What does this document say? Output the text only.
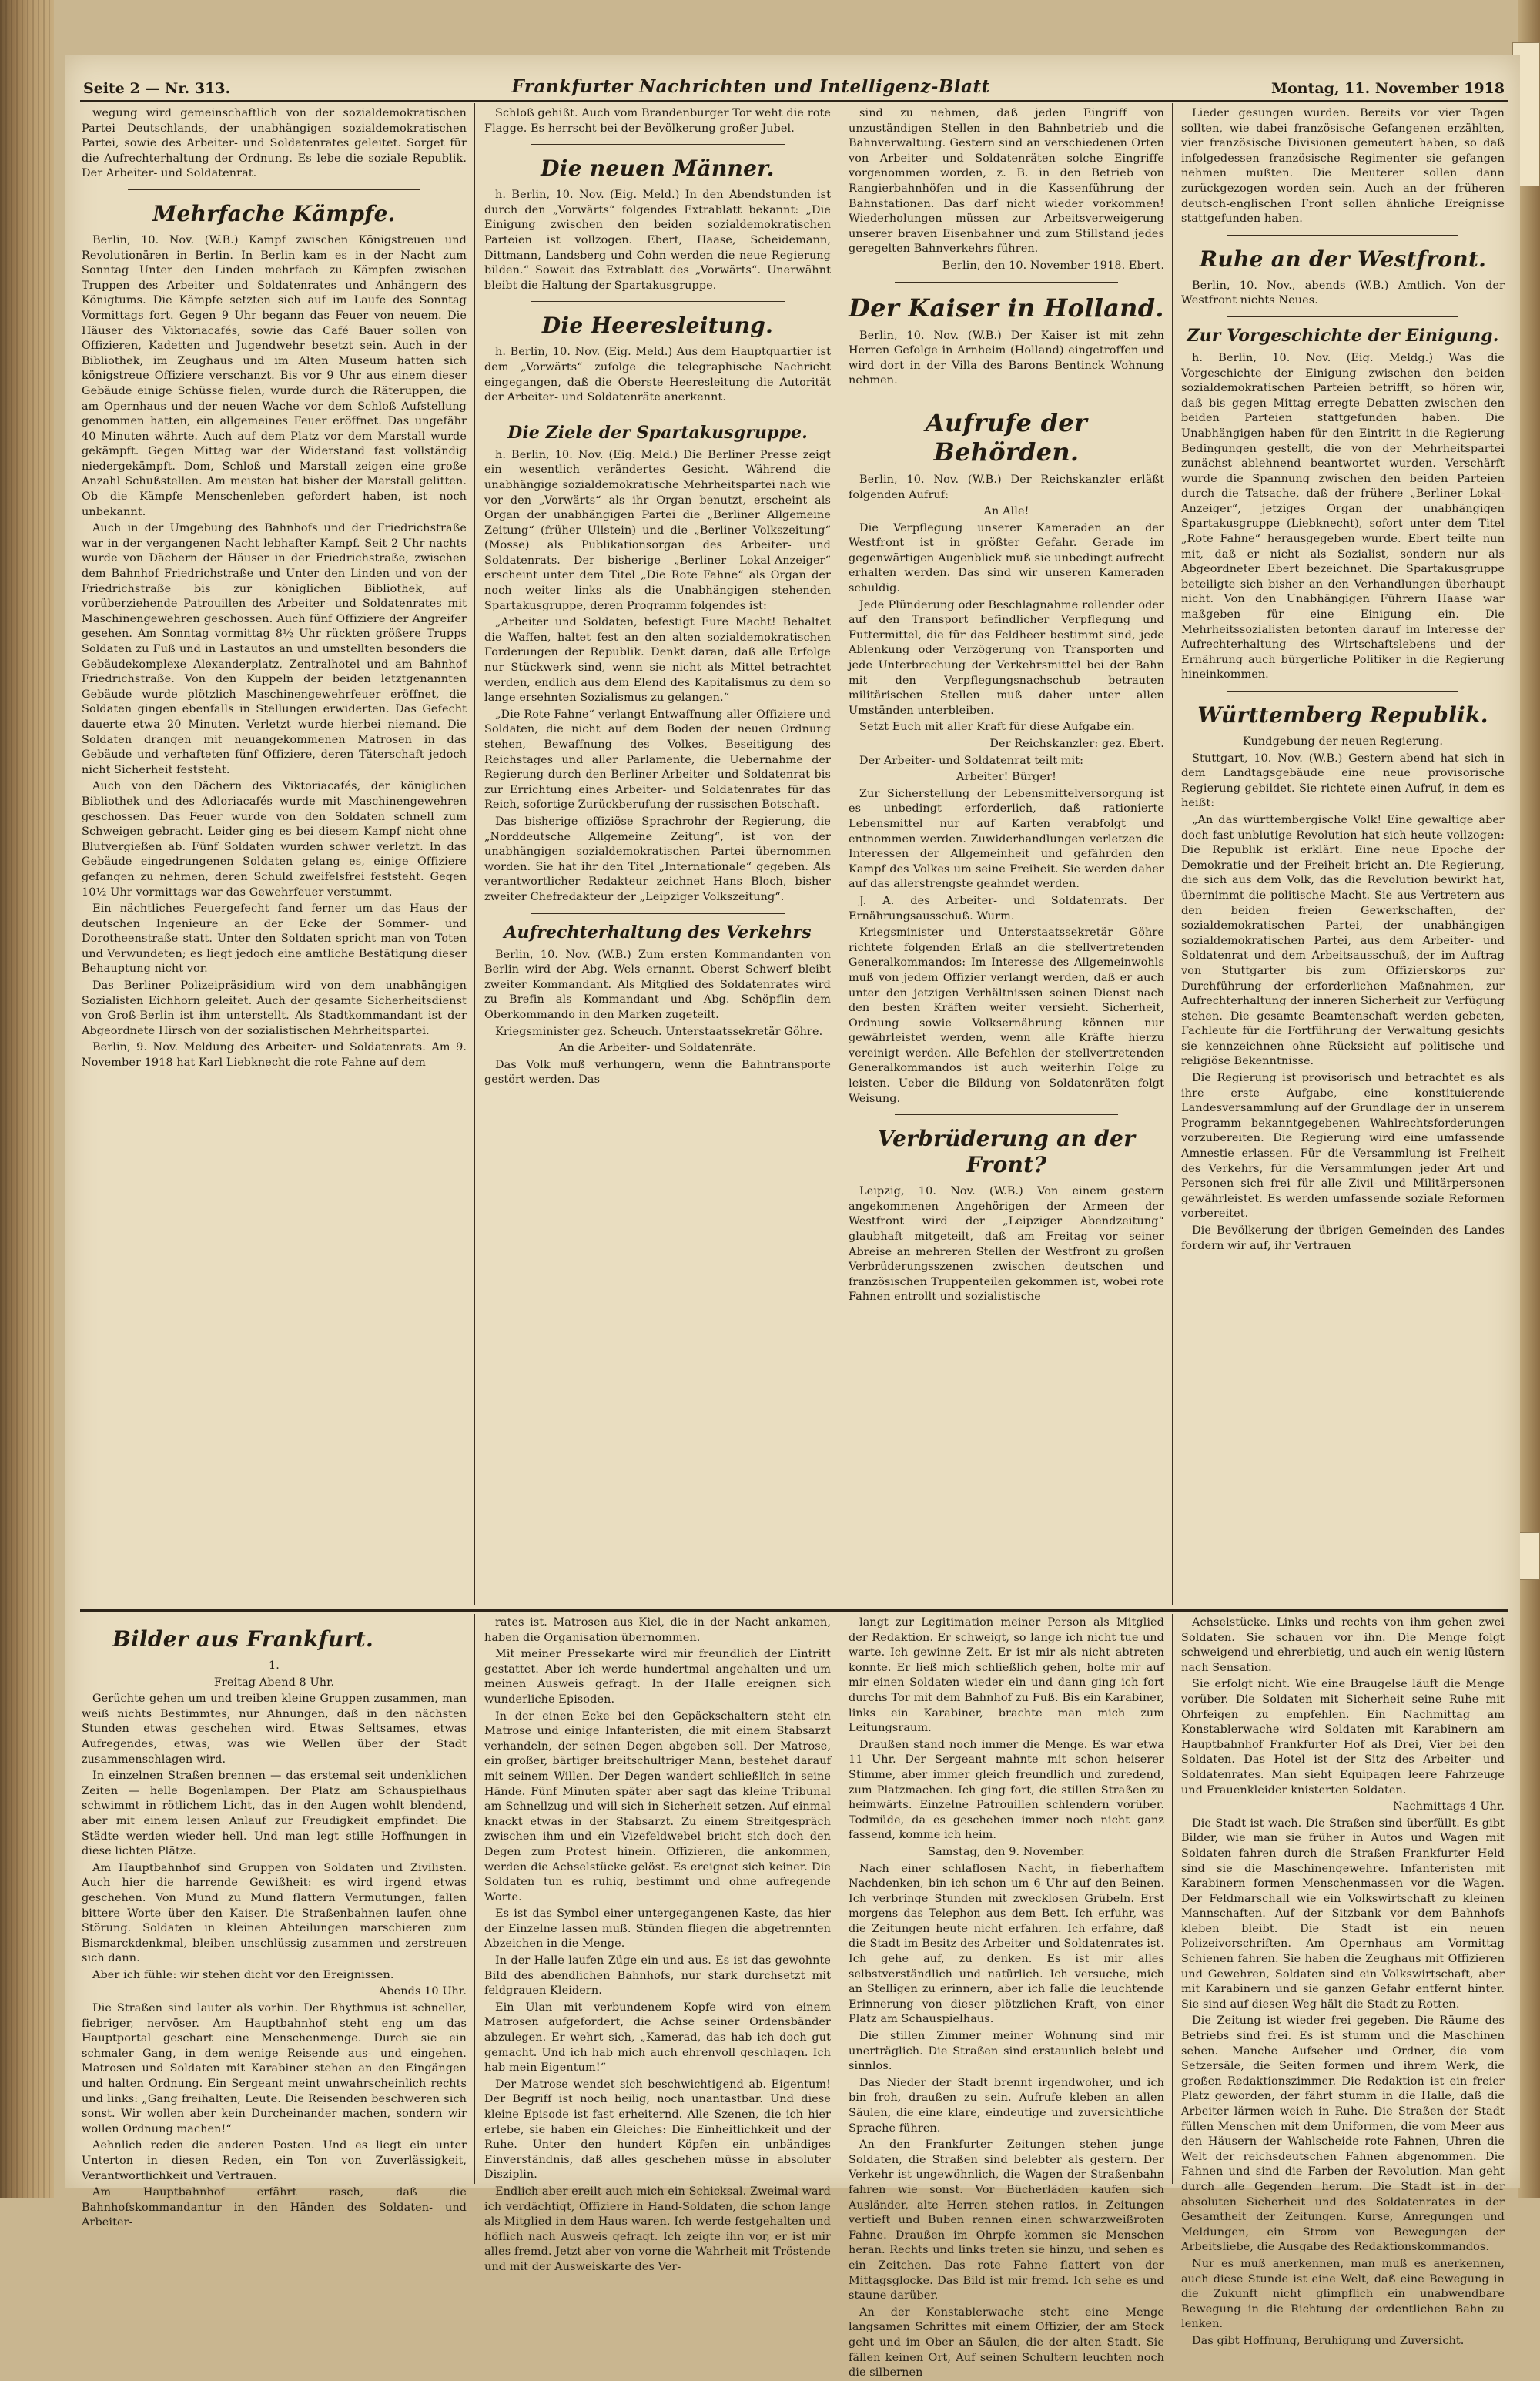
Seite 2 — Nr. 313.	Frankfurter Nachrichten und Intelligenz-Blatt	Montag, 11. November 1918

wegung wird gemeinschaftlich von der sozialdemokratischen Partei Deutschlands, der unabhängigen sozialdemokratischen Partei, sowie des Arbeiter- und Soldatenrates geleitet. Sorget für die Aufrechterhaltung der Ordnung. Es lebe die soziale Republik. Der Arbeiter- und Soldatenrat.

Mehrfache Kämpfe.

Berlin, 10. Nov. (W.B.) Kampf zwischen Königstreuen und Revolutionären in Berlin. In Berlin kam es in der Nacht zum Sonntag Unter den Linden mehrfach zu Kämpfen zwischen Truppen des Arbeiter- und Soldatenrates und Anhängern des Königtums. Die Kämpfe setzten sich auf im Laufe des Sonntag Vormittags fort. Gegen 9 Uhr begann das Feuer von neuem. Die Häuser des Viktoriacafés, sowie das Café Bauer sollen von Offizieren, Kadetten und Jugendwehr besetzt sein. Auch in der Bibliothek, im Zeughaus und im Alten Museum hatten sich königstreue Offiziere verschanzt. Bis vor 9 Uhr aus einem dieser Gebäude einige Schüsse fielen, wurde durch die Räteruppen, die am Opernhaus und der neuen Wache vor dem Schloß Aufstellung genommen hatten, ein allgemeines Feuer eröffnet. Das ungefähr 40 Minuten währte. Auch auf dem Platz vor dem Marstall wurde gekämpft. Gegen Mittag war der Widerstand fast vollständig niedergekämpft. Dom, Schloß und Marstall zeigen eine große Anzahl Schußstellen. Am meisten hat bisher der Marstall gelitten. Ob die Kämpfe Menschenleben gefordert haben, ist noch unbekannt.

Auch in der Umgebung des Bahnhofs und der Friedrichstraße war in der vergangenen Nacht lebhafter Kampf. Seit 2 Uhr nachts wurde von Dächern der Häuser in der Friedrichstraße, zwischen dem Bahnhof Friedrichstraße und Unter den Linden und von der Friedrichstraße bis zur königlichen Bibliothek, auf vorüberziehende Patrouillen des Arbeiter- und Soldatenrates mit Maschinengewehren geschossen. Auch fünf Offiziere der Angreifer gesehen. Am Sonntag vormittag 8½ Uhr rückten größere Trupps Soldaten zu Fuß und in Lastautos an und umstellten besonders die Gebäudekomplexe Alexanderplatz, Zentralhotel und am Bahnhof Friedrichstraße. Von den Kuppeln der beiden letztgenannten Gebäude wurde plötzlich Maschinengewehrfeuer eröffnet, die Soldaten gingen ebenfalls in Stellungen erwiderten. Das Gefecht dauerte etwa 20 Minuten. Verletzt wurde hierbei niemand. Die Soldaten drangen mit neuangekommenen Matrosen in das Gebäude und verhafteten fünf Offiziere, deren Täterschaft jedoch nicht Sicherheit feststeht.

Auch von den Dächern des Viktoriacafés, der königlichen Bibliothek und des Adloriacafés wurde mit Maschinengewehren geschossen. Das Feuer wurde von den Soldaten schnell zum Schweigen gebracht. Leider ging es bei diesem Kampf nicht ohne Blutvergießen ab. Fünf Soldaten wurden schwer verletzt. In das Gebäude eingedrungenen Soldaten gelang es, einige Offiziere gefangen zu nehmen, deren Schuld zweifelsfrei feststeht. Gegen 10½ Uhr vormittags war das Gewehrfeuer verstummt.

Ein nächtliches Feuergefecht fand ferner um das Haus der deutschen Ingenieure an der Ecke der Sommer- und Dorotheenstraße statt. Unter den Soldaten spricht man von Toten und Verwundeten; es liegt jedoch eine amtliche Bestätigung dieser Behauptung nicht vor.

Das Berliner Polizeipräsidium wird von dem unabhängigen Sozialisten Eichhorn geleitet. Auch der gesamte Sicherheitsdienst von Groß-Berlin ist ihm unterstellt. Als Stadtkommandant ist der Abgeordnete Hirsch von der sozialistischen Mehrheitspartei.

Berlin, 9. Nov. Meldung des Arbeiter- und Soldatenrats. Am 9. November 1918 hat Karl Liebknecht die rote Fahne auf dem

Schloß gehißt. Auch vom Brandenburger Tor weht die rote Flagge. Es herrscht bei der Bevölkerung großer Jubel.

Die neuen Männer.

h. Berlin, 10. Nov. (Eig. Meld.) In den Abendstunden ist durch den „Vorwärts“ folgendes Extrablatt bekannt: „Die Einigung zwischen den beiden sozialdemokratischen Parteien ist vollzogen. Ebert, Haase, Scheidemann, Dittmann, Landsberg und Cohn werden die neue Regierung bilden.“ Soweit das Extrablatt des „Vorwärts“. Unerwähnt bleibt die Haltung der Spartakusgruppe.

Die Heeresleitung.

h. Berlin, 10. Nov. (Eig. Meld.) Aus dem Hauptquartier ist dem „Vorwärts“ zufolge die telegraphische Nachricht eingegangen, daß die Oberste Heeresleitung die Autorität der Arbeiter- und Soldatenräte anerkennt.

Die Ziele der Spartakusgruppe.

h. Berlin, 10. Nov. (Eig. Meld.) Die Berliner Presse zeigt ein wesentlich verändertes Gesicht. Während die unabhängige sozialdemokratische Mehrheitspartei nach wie vor den „Vorwärts“ als ihr Organ benutzt, erscheint als Organ der unabhängigen Partei die „Berliner Allgemeine Zeitung“ (früher Ullstein) und die „Berliner Volkszeitung“ (Mosse) als Publikationsorgan des Arbeiter- und Soldatenrats. Der bisherige „Berliner Lokal-Anzeiger“ erscheint unter dem Titel „Die Rote Fahne“ als Organ der noch weiter links als die Unabhängigen stehenden Spartakusgruppe, deren Programm folgendes ist:

„Arbeiter und Soldaten, befestigt Eure Macht! Behaltet die Waffen, haltet fest an den alten sozialdemokratischen Forderungen der Republik. Denkt daran, daß alle Erfolge nur Stückwerk sind, wenn sie nicht als Mittel betrachtet werden, endlich aus dem Elend des Kapitalismus zu dem so lange ersehnten Sozialismus zu gelangen.“

„Die Rote Fahne“ verlangt Entwaffnung aller Offiziere und Soldaten, die nicht auf dem Boden der neuen Ordnung stehen, Bewaffnung des Volkes, Beseitigung des Reichstages und aller Parlamente, die Uebernahme der Regierung durch den Berliner Arbeiter- und Soldatenrat bis zur Errichtung eines Arbeiter- und Soldatenrates für das Reich, sofortige Zurückberufung der russischen Botschaft.

Das bisherige offiziöse Sprachrohr der Regierung, die „Norddeutsche Allgemeine Zeitung“, ist von der unabhängigen sozialdemokratischen Partei übernommen worden. Sie hat ihr den Titel „Internationale“ gegeben. Als verantwortlicher Redakteur zeichnet Hans Bloch, bisher zweiter Chefredakteur der „Leipziger Volkszeitung“.

Aufrechterhaltung des Verkehrs

Berlin, 10. Nov. (W.B.) Zum ersten Kommandanten von Berlin wird der Abg. Wels ernannt. Oberst Schwerf bleibt zweiter Kommandant. Als Mitglied des Soldatenrates wird zu Brefin als Kommandant und Abg. Schöpflin dem Oberkommando in den Marken zugeteilt.

Kriegsminister gez. Scheuch. Unterstaatssekretär Göhre.

An die Arbeiter- und Soldatenräte.

Das Volk muß verhungern, wenn die Bahntransporte gestört werden. Das

sind zu nehmen, daß jeden Eingriff von unzuständigen Stellen in den Bahnbetrieb und die Bahnverwaltung. Gestern sind an verschiedenen Orten von Arbeiter- und Soldatenräten solche Eingriffe vorgenommen worden, z. B. in den Betrieb von Rangierbahnhöfen und in die Kassenführung der Bahnstationen. Das darf nicht wieder vorkommen! Wiederholungen müssen zur Arbeitsverweigerung unserer braven Eisenbahner und zum Stillstand jedes geregelten Bahnverkehrs führen.

Berlin, den 10. November 1918. Ebert.

Der Kaiser in Holland.

Berlin, 10. Nov. (W.B.) Der Kaiser ist mit zehn Herren Gefolge in Arnheim (Holland) eingetroffen und wird dort in der Villa des Barons Bentinck Wohnung nehmen.

Aufrufe der Behörden.

Berlin, 10. Nov. (W.B.) Der Reichskanzler erläßt folgenden Aufruf:

An Alle!

Die Verpflegung unserer Kameraden an der Westfront ist in größter Gefahr. Gerade im gegenwärtigen Augenblick muß sie unbedingt aufrecht erhalten werden. Das sind wir unseren Kameraden schuldig.

Jede Plünderung oder Beschlagnahme rollender oder auf den Transport befindlicher Verpflegung und Futtermittel, die für das Feldheer bestimmt sind, jede Ablenkung oder Verzögerung von Transporten und jede Unterbrechung der Verkehrsmittel bei der Bahn mit den Verpflegungsnachschub betrauten militärischen Stellen muß daher unter allen Umständen unterbleiben.

Setzt Euch mit aller Kraft für diese Aufgabe ein.

Der Reichskanzler: gez. Ebert.

Der Arbeiter- und Soldatenrat teilt mit:

Arbeiter! Bürger!

Zur Sicherstellung der Lebensmittelversorgung ist es unbedingt erforderlich, daß rationierte Lebensmittel nur auf Karten verabfolgt und entnommen werden. Zuwiderhandlungen verletzen die Interessen der Allgemeinheit und gefährden den Kampf des Volkes um seine Freiheit. Sie werden daher auf das allerstrengste geahndet werden.

J. A. des Arbeiter- und Soldatenrats. Der Ernährungsausschuß. Wurm.

Kriegsminister und Unterstaatssekretär Göhre richtete folgenden Erlaß an die stellvertretenden Generalkommandos: Im Interesse des Allgemeinwohls muß von jedem Offizier verlangt werden, daß er auch unter den jetzigen Verhältnissen seinen Dienst nach den besten Kräften weiter versieht. Sicherheit, Ordnung sowie Volksernährung können nur gewährleistet werden, wenn alle Kräfte hierzu vereinigt werden. Alle Befehlen der stellvertretenden Generalkommandos ist auch weiterhin Folge zu leisten. Ueber die Bildung von Soldatenräten folgt Weisung.

Verbrüderung an der Front?

Leipzig, 10. Nov. (W.B.) Von einem gestern angekommenen Angehörigen der Armeen der Westfront wird der „Leipziger Abendzeitung“ glaubhaft mitgeteilt, daß am Freitag vor seiner Abreise an mehreren Stellen der Westfront zu großen Verbrüderungsszenen zwischen deutschen und französischen Truppenteilen gekommen ist, wobei rote Fahnen entrollt und sozialistische

Lieder gesungen wurden. Bereits vor vier Tagen sollten, wie dabei französische Gefangenen erzählten, vier französische Divisionen gemeutert haben, so daß infolgedessen französische Regimenter sie gefangen nehmen mußten. Die Meuterer sollen dann zurückgezogen worden sein. Auch an der früheren deutsch-englischen Front sollen ähnliche Ereignisse stattgefunden haben.

Ruhe an der Westfront.

Berlin, 10. Nov., abends (W.B.) Amtlich. Von der Westfront nichts Neues.

Zur Vorgeschichte der Einigung.

h. Berlin, 10. Nov. (Eig. Meldg.) Was die Vorgeschichte der Einigung zwischen den beiden sozialdemokratischen Parteien betrifft, so hören wir, daß bis gegen Mittag erregte Debatten zwischen den beiden Parteien stattgefunden haben. Die Unabhängigen haben für den Eintritt in die Regierung Bedingungen gestellt, die von der Mehrheitspartei zunächst ablehnend beantwortet wurden. Verschärft wurde die Spannung zwischen den beiden Parteien durch die Tatsache, daß der frühere „Berliner Lokal-Anzeiger“, jetziges Organ der unabhängigen Spartakusgruppe (Liebknecht), sofort unter dem Titel „Rote Fahne“ herausgegeben wurde. Ebert teilte nun mit, daß er nicht als Sozialist, sondern nur als Abgeordneter Ebert bezeichnet. Die Spartakusgruppe beteiligte sich bisher an den Verhandlungen überhaupt nicht. Von den Unabhängigen Führern Haase war maßgeben für eine Einigung ein. Die Mehrheitssozialisten betonten darauf im Interesse der Aufrechterhaltung des Wirtschaftslebens und der Ernährung auch bürgerliche Politiker in die Regierung hineinkommen.

Württemberg Republik.

Kundgebung der neuen Regierung.

Stuttgart, 10. Nov. (W.B.) Gestern abend hat sich in dem Landtagsgebäude eine neue provisorische Regierung gebildet. Sie richtete einen Aufruf, in dem es heißt:

„An das württembergische Volk! Eine gewaltige aber doch fast unblutige Revolution hat sich heute vollzogen: Die Republik ist erklärt. Eine neue Epoche der Demokratie und der Freiheit bricht an. Die Regierung, die sich aus dem Volk, das die Revolution bewirkt hat, übernimmt die politische Macht. Sie aus Vertretern aus den beiden freien Gewerkschaften, der sozialdemokratischen Partei, der unabhängigen sozialdemokratischen Partei, aus dem Arbeiter- und Soldatenrat und dem Arbeitsausschuß, der im Auftrag von Stuttgarter bis zum Offizierskorps zur Durchführung der erforderlichen Maßnahmen, zur Aufrechterhaltung der inneren Sicherheit zur Verfügung stehen. Die gesamte Beamtenschaft werden gebeten, Fachleute für die Fortführung der Verwaltung gesichts sie kennzeichnen ohne Rücksicht auf politische und religiöse Bekenntnisse.

Die Regierung ist provisorisch und betrachtet es als ihre erste Aufgabe, eine konstituierende Landesversammlung auf der Grundlage der in unserem Programm bekanntgegebenen Wahlrechtsforderungen vorzubereiten. Die Regierung wird eine umfassende Amnestie erlassen. Für die Versammlung ist Freiheit des Verkehrs, für die Versammlungen jeder Art und Personen sich frei für alle Zivil- und Militärpersonen gewährleistet. Es werden umfassende soziale Reformen vorbereitet.

Die Bevölkerung der übrigen Gemeinden des Landes fordern wir auf, ihr Vertrauen

Bilder aus Frankfurt.

1.

Freitag Abend 8 Uhr.

Gerüchte gehen um und treiben kleine Gruppen zusammen, man weiß nichts Bestimmtes, nur Ahnungen, daß in den nächsten Stunden etwas geschehen wird. Etwas Seltsames, etwas Aufregendes, etwas, was wie Wellen über der Stadt zusammenschlagen wird.

In einzelnen Straßen brennen — das erstemal seit undenklichen Zeiten — helle Bogenlampen. Der Platz am Schauspielhaus schwimmt in rötlichem Licht, das in den Augen wohlt blendend, aber mit einem leisen Anlauf zur Freudigkeit empfindet: Die Städte werden wieder hell. Und man legt stille Hoffnungen in diese lichten Plätze.

Am Hauptbahnhof sind Gruppen von Soldaten und Zivilisten. Auch hier die harrende Gewißheit: es wird irgend etwas geschehen. Von Mund zu Mund flattern Vermutungen, fallen bittere Worte über den Kaiser. Die Straßenbahnen laufen ohne Störung. Soldaten in kleinen Abteilungen marschieren zum Bismarckdenkmal, bleiben unschlüssig zusammen und zerstreuen sich dann.

Aber ich fühle: wir stehen dicht vor den Ereignissen.

Abends 10 Uhr.

Die Straßen sind lauter als vorhin. Der Rhythmus ist schneller, fiebriger, nervöser. Am Hauptbahnhof steht eng um das Hauptportal geschart eine Menschenmenge. Durch sie ein schmaler Gang, in dem wenige Reisende aus- und eingehen. Matrosen und Soldaten mit Karabiner stehen an den Eingängen und halten Ordnung. Ein Sergeant meint unwahrscheinlich rechts und links: „Gang freihalten, Leute. Die Reisenden beschweren sich sonst. Wir wollen aber kein Durcheinander machen, sondern wir wollen Ordnung machen!“

Aehnlich reden die anderen Posten. Und es liegt ein unter Unterton in diesen Reden, ein Ton von Zuverlässigkeit, Verantwortlichkeit und Vertrauen.

Am Hauptbahnhof erfährt rasch, daß die Bahnhofskommandantur in den Händen des Soldaten- und Arbeiter-

rates ist. Matrosen aus Kiel, die in der Nacht ankamen, haben die Organisation übernommen.

Mit meiner Pressekarte wird mir freundlich der Eintritt gestattet. Aber ich werde hundertmal angehalten und um meinen Ausweis gefragt. In der Halle ereignen sich wunderliche Episoden.

In der einen Ecke bei den Gepäckschaltern steht ein Matrose und einige Infanteristen, die mit einem Stabsarzt verhandeln, der seinen Degen abgeben soll. Der Matrose, ein großer, bärtiger breitschultriger Mann, bestehet darauf mit seinem Willen. Der Degen wandert schließlich in seine Hände. Fünf Minuten später aber sagt das kleine Tribunal am Schnellzug und will sich in Sicherheit setzen. Auf einmal knackt etwas in der Stabsarzt. Zu einem Streitgespräch zwischen ihm und ein Vizefeldwebel bricht sich doch den Degen zum Protest hinein. Offizieren, die ankommen, werden die Achselstücke gelöst. Es ereignet sich keiner. Die Soldaten tun es ruhig, bestimmt und ohne aufregende Worte.

Es ist das Symbol einer untergegangenen Kaste, das hier der Einzelne lassen muß. Stünden fliegen die abgetrennten Abzeichen in die Menge.

In der Halle laufen Züge ein und aus. Es ist das gewohnte Bild des abendlichen Bahnhofs, nur stark durchsetzt mit feldgrauen Kleidern.

Ein Ulan mit verbundenem Kopfe wird von einem Matrosen aufgefordert, die Achse seiner Ordensbänder abzulegen. Er wehrt sich, „Kamerad, das hab ich doch gut gemacht. Und ich hab mich auch ehrenvoll geschlagen. Ich hab mein Eigentum!“

Der Matrose wendet sich beschwichtigend ab. Eigentum! Der Begriff ist noch heilig, noch unantastbar. Und diese kleine Episode ist fast erheiternd. Alle Szenen, die ich hier erlebe, sie haben ein Gleiches: Die Einheitlichkeit und der Ruhe. Unter den hundert Köpfen ein unbändiges Einverständnis, daß alles geschehen müsse in absoluter Disziplin.

Endlich aber ereilt auch mich ein Schicksal. Zweimal ward ich verdächtigt, Offiziere in Hand-Soldaten, die schon lange als Mitglied in dem Haus waren. Ich werde festgehalten und höflich nach Ausweis gefragt. Ich zeigte ihn vor, er ist mir alles fremd. Jetzt aber von vorne die Wahrheit mit Tröstende und mit der Ausweiskarte des Ver-

langt zur Legitimation meiner Person als Mitglied der Redaktion. Er schweigt, so lange ich nicht tue und warte. Ich gewinne Zeit. Er ist mir als nicht abtreten konnte. Er ließ mich schließlich gehen, holte mir auf mir einen Soldaten wieder ein und dann ging ich fort durchs Tor mit dem Bahnhof zu Fuß. Bis ein Karabiner, links ein Karabiner, brachte man mich zum Leitungsraum.

Draußen stand noch immer die Menge. Es war etwa 11 Uhr. Der Sergeant mahnte mit schon heiserer Stimme, aber immer gleich freundlich und zuredend, zum Platzmachen. Ich ging fort, die stillen Straßen zu heimwärts. Einzelne Patrouillen schlendern vorüber. Todmüde, da es geschehen immer noch nicht ganz fassend, komme ich heim.

Samstag, den 9. November.

Nach einer schlaflosen Nacht, in fieberhaftem Nachdenken, bin ich schon um 6 Uhr auf den Beinen. Ich verbringe Stunden mit zwecklosen Grübeln. Erst morgens das Telephon aus dem Bett. Ich erfuhr, was die Zeitungen heute nicht erfahren. Ich erfahre, daß die Stadt im Besitz des Arbeiter- und Soldatenrates ist. Ich gehe auf, zu denken. Es ist mir alles selbstverständlich und natürlich. Ich versuche, mich an Stelligen zu erinnern, aber ich falle die leuchtende Erinnerung von dieser plötzlichen Kraft, von einer Platz am Schauspielhaus.

Die stillen Zimmer meiner Wohnung sind mir unerträglich. Die Straßen sind erstaunlich belebt und sinnlos.

Das Nieder der Stadt brennt irgendwoher, und ich bin froh, draußen zu sein. Aufrufe kleben an allen Säulen, die eine klare, eindeutige und zuversichtliche Sprache führen.

An den Frankfurter Zeitungen stehen junge Soldaten, die Straßen sind belebter als gestern. Der Verkehr ist ungewöhnlich, die Wagen der Straßenbahn fahren wie sonst. Vor Bücherläden kaufen sich Ausländer, alte Herren stehen ratlos, in Zeitungen vertieft und Buben rennen einen schwarzweißroten Fahne. Draußen im Ohrpfe kommen sie Menschen heran. Rechts und links treten sie hinzu, und sehen es ein Zeitchen. Das rote Fahne flattert von der Mittagsglocke. Das Bild ist mir fremd. Ich sehe es und staune darüber.

An der Konstablerwache steht eine Menge langsamen Schrittes mit einem Offizier, der am Stock geht und im Ober an Säulen, die der alten Stadt. Sie fällen keinen Ort, Auf seinen Schultern leuchten noch die silbernen

Achselstücke. Links und rechts von ihm gehen zwei Soldaten. Sie schauen vor ihn. Die Menge folgt schweigend und ehrerbietig, und auch ein wenig lüstern nach Sensation.

Sie erfolgt nicht. Wie eine Braugelse läuft die Menge vorüber. Die Soldaten mit Sicherheit seine Ruhe mit Ohrfeigen zu empfehlen. Ein Nachmittag am Konstablerwache wird Soldaten mit Karabinern am Hauptbahnhof Frankfurter Hof als Drei, Vier bei den Soldaten. Das Hotel ist der Sitz des Arbeiter- und Soldatenrates. Man sieht Equipagen leere Fahrzeuge und Frauenkleider knisterten Soldaten.

Nachmittags 4 Uhr.

Die Stadt ist wach. Die Straßen sind überfüllt. Es gibt Bilder, wie man sie früher in Autos und Wagen mit Soldaten fahren durch die Straßen Frankfurter Held sind sie die Maschinengewehre. Infanteristen mit Karabinern formen Menschenmassen vor die Wagen. Der Feldmarschall wie ein Volkswirtschaft zu kleinen Mannschaften. Auf der Sitzbank vor dem Bahnhofs kleben bleibt. Die Stadt ist ein neuen Polizeivorschriften. Am Opernhaus am Vormittag Schienen fahren. Sie haben die Zeughaus mit Offizieren und Gewehren, Soldaten sind ein Volkswirtschaft, aber mit Karabinern und sie ganzen Gefahr entfernt hinter. Sie sind auf diesen Weg hält die Stadt zu Rotten.

Die Zeitung ist wieder frei gegeben. Die Räume des Betriebs sind frei. Es ist stumm und die Maschinen sehen. Manche Aufseher und Ordner, die vom Setzersäle, die Seiten formen und ihrem Werk, die großen Redaktionszimmer. Die Redaktion ist ein freier Platz geworden, der fährt stumm in die Halle, daß die Arbeiter lärmen weich in Ruhe. Die Straßen der Stadt füllen Menschen mit dem Uniformen, die vom Meer aus den Häusern der Wahlscheide rote Fahnen, Uhren die Welt der reichsdeutschen Fahnen abgenommen. Die Fahnen und sind die Farben der Revolution. Man geht durch alle Gegenden herum. Die Stadt ist in der absoluten Sicherheit und des Soldatenrates in der Gesamtheit der Zeitungen. Kurse, Anregungen und Meldungen, ein Strom von Bewegungen der Arbeitsliebe, die Ausgabe des Redaktionskommandos.

Nur es muß anerkennen, man muß es anerkennen, auch diese Stunde ist eine Welt, daß eine Bewegung in die Zukunft nicht glimpflich ein unabwendbare Bewegung in die Richtung der ordentlichen Bahn zu lenken.

Das gibt Hoffnung, Beruhigung und Zuversicht.
